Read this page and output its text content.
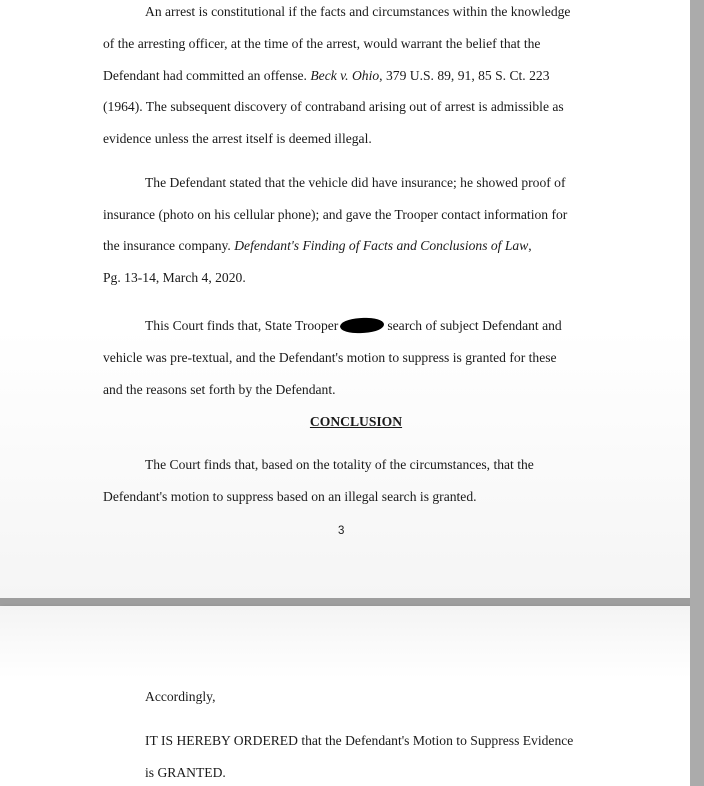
An arrest is constitutional if the facts and circumstances within the knowledge
of the arresting officer, at the time of the arrest, would warrant the belief that the
Defendant had committed an offense. Beck v. Ohio, 379 U.S. 89, 91, 85 S. Ct. 223
(1964). The subsequent discovery of contraband arising out of arrest is admissible as
evidence unless the arrest itself is deemed illegal.
The Defendant stated that the vehicle did have insurance; he showed proof of
insurance (photo on his cellular phone); and gave the Trooper contact information for
the insurance company. Defendant's Finding of Facts and Conclusions of Law,
Pg. 13-14, March 4, 2020.
This Court finds that, State Trooper	search of subject Defendant and
vehicle was pre-textual, and the Defendant's motion to suppress is granted for these
and the reasons set forth by the Defendant.
CONCLUSION
The Court finds that, based on the totality of the circumstances, that the
Defendant's motion to suppress based on an illegal search is granted.
3
Accordingly,
IT IS HEREBY ORDERED that the Defendant's Motion to Suppress Evidence
is GRANTED.
